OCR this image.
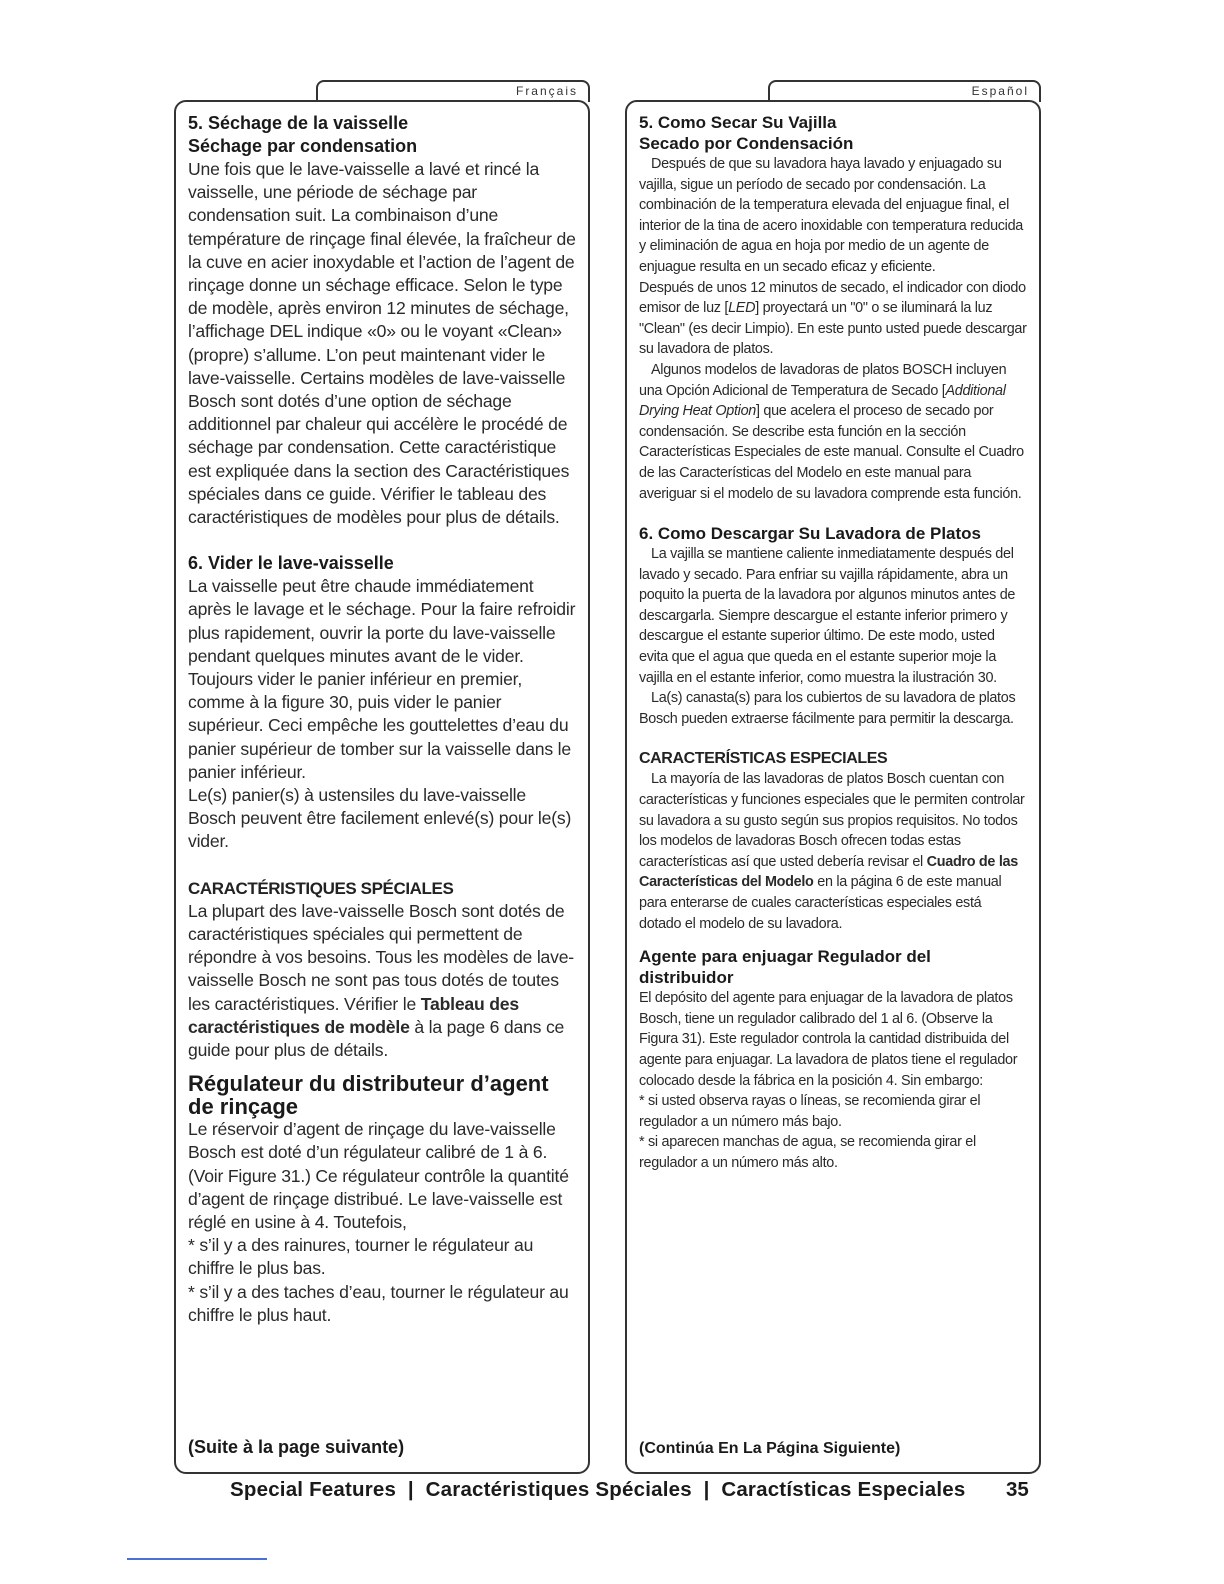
Français	Español
5. Séchage de la vaisselle
Séchage par condensation

Une fois que le lave-vaisselle a lavé et rincé la vaisselle, une période de séchage par condensation suit. La combinaison d’une température de rinçage final élevée, la fraîcheur de la cuve en acier inoxydable et l’action de l’agent de rinçage donne un séchage efficace. Selon le type de modèle, après environ 12 minutes de séchage, l’affichage DEL indique «0» ou le voyant «Clean» (propre) s’allume. L’on peut maintenant vider le lave-vaisselle. Certains modèles de lave-vaisselle Bosch sont dotés d’une option de séchage additionnel par chaleur qui accélère le procédé de séchage par condensation. Cette caractéristique est expliquée dans la section des Caractéristiques spéciales dans ce guide. Vérifier le tableau des caractéristiques de modèles pour plus de détails.

6. Vider le lave-vaisselle

La vaisselle peut être chaude immédiatement après le lavage et le séchage. Pour la faire refroidir plus rapidement, ouvrir la porte du lave-vaisselle pendant quelques minutes avant de le vider. Toujours vider le panier inférieur en premier, comme à la figure 30, puis vider le panier supérieur. Ceci empêche les gouttelettes d’eau du panier supérieur de tomber sur la vaisselle dans le panier inférieur.

Le(s) panier(s) à ustensiles du lave-vaisselle Bosch peuvent être facilement enlevé(s) pour le(s) vider.

CARACTÉRISTIQUES SPÉCIALES

La plupart des lave-vaisselle Bosch sont dotés de caractéristiques spéciales qui permettent de répondre à vos besoins. Tous les modèles de lave-vaisselle Bosch ne sont pas tous dotés de toutes les caractéristiques. Vérifier le Tableau des caractéristiques de modèle à la page 6 dans ce guide pour plus de détails.

Régulateur du distributeur d’agent de rinçage

Le réservoir d’agent de rinçage du lave-vaisselle Bosch est doté d’un régulateur calibré de 1 à 6. (Voir Figure 31.) Ce régulateur contrôle la quantité d’agent de rinçage distribué. Le lave-vaisselle est réglé en usine à 4. Toutefois,

* s’il y a des rainures, tourner le régulateur au chiffre le plus bas.

* s’il y a des taches d’eau, tourner le régulateur au chiffre le plus haut.

(Suite à la page suivante)
5. Como Secar Su Vajilla
Secado por Condensación

Después de que su lavadora haya lavado y enjuagado su vajilla, sigue un período de secado por condensación. La combinación de la temperatura elevada del enjuague final, el interior de la tina de acero inoxidable con temperatura reducida y eliminación de agua en hoja por medio de un agente de enjuague resulta en un secado eficaz y eficiente.

Después de unos 12 minutos de secado, el indicador con diodo emisor de luz [LED] proyectará un "0" o se iluminará la luz "Clean" (es decir Limpio). En este punto usted puede descargar su lavadora de platos.

Algunos modelos de lavadoras de platos BOSCH incluyen una Opción Adicional de Temperatura de Secado [Additional Drying Heat Option] que acelera el proceso de secado por condensación. Se describe esta función en la sección Características Especiales de este manual. Consulte el Cuadro de las Características del Modelo en este manual para averiguar si el modelo de su lavadora comprende esta función.

6. Como Descargar Su Lavadora de Platos

La vajilla se mantiene caliente inmediatamente después del lavado y secado. Para enfriar su vajilla rápidamente, abra un poquito la puerta de la lavadora por algunos minutos antes de descargarla. Siempre descargue el estante inferior primero y descargue el estante superior último. De este modo, usted evita que el agua que queda en el estante superior moje la vajilla en el estante inferior, como muestra la ilustración 30.

La(s) canasta(s) para los cubiertos de su lavadora de platos Bosch pueden extraerse fácilmente para permitir la descarga.

CARACTERÍSTICAS ESPECIALES

La mayoría de las lavadoras de platos Bosch cuentan con características y funciones especiales que le permiten controlar su lavadora a su gusto según sus propios requisitos. No todos los modelos de lavadoras Bosch ofrecen todas estas características así que usted debería revisar el Cuadro de las Características del Modelo en la página 6 de este manual para enterarse de cuales características especiales está dotado el modelo de su lavadora.

Agente para enjuagar Regulador del distribuidor

El depósito del agente para enjuagar de la lavadora de platos Bosch, tiene un regulador calibrado del 1 al 6. (Observe la Figura 31). Este regulador controla la cantidad distribuida del agente para enjuagar. La lavadora de platos tiene el regulador colocado desde la fábrica en la posición 4. Sin embargo:

* si usted observa rayas o líneas, se recomienda girar el regulador a un número más bajo.

* si aparecen manchas de agua, se recomienda girar el regulador a un número más alto.

(Continúa En La Página Siguiente)
Special Features  |  Caractéristiques Spéciales  |  Caractísticas Especiales 35
